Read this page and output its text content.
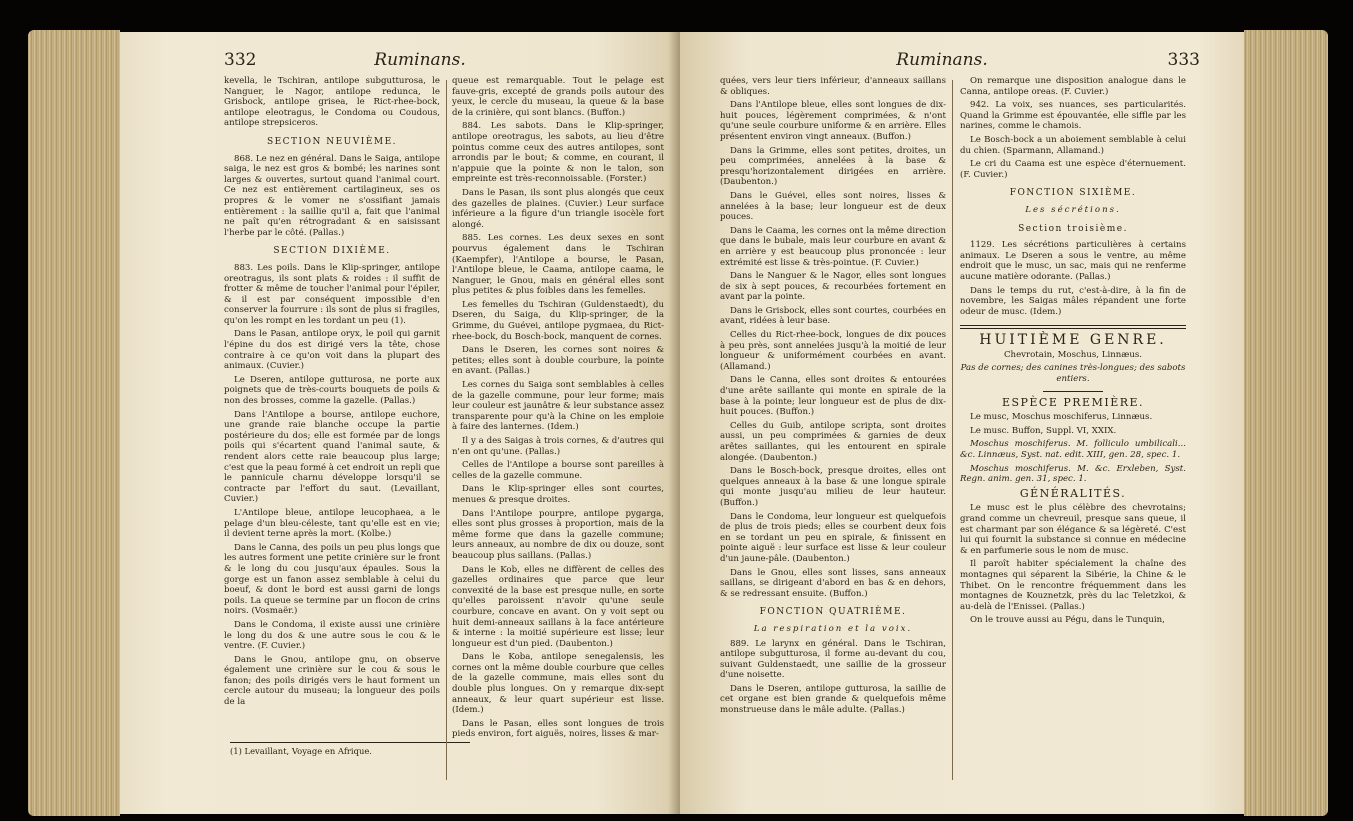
332	Ruminans.

kevella, le Tschiran, antilope subgutturosa, le Nanguer, le Nagor, antilope redunca, le Grisbock, antilope grisea, le Rict-rhee-bock, antilope eleotragus, le Condoma ou Coudous, antilope strepsiceros.

SECTION NEUVIÈME.

868. Le nez en général. Dans le Saiga, antilope saiga, le nez est gros & bombé; les narines sont larges & ouvertes, surtout quand l'animal court. Ce nez est entièrement cartilagineux, ses os propres & le vomer ne s'ossifiant jamais entièrement : la saillie qu'il a, fait que l'animal ne paît qu'en rétrogradant & en saisissant l'herbe par le côté. (Pallas.)

SECTION DIXIÈME.

883. Les poils. Dans le Klip-springer, antilope oreotragus, ils sont plats & roides : il suffit de frotter & même de toucher l'animal pour l'épiler, & il est par conséquent impossible d'en conserver la fourrure : ils sont de plus si fragiles, qu'on les rompt en les tordant un peu (1).

Dans le Pasan, antilope oryx, le poil qui garnit l'épine du dos est dirigé vers la tête, chose contraire à ce qu'on voit dans la plupart des animaux. (Cuvier.)

Le Dseren, antilope gutturosa, ne porte aux poignets que de très-courts bouquets de poils & non des brosses, comme la gazelle. (Pallas.)

Dans l'Antilope a bourse, antilope euchore, une grande raie blanche occupe la partie postérieure du dos; elle est formée par de longs poils qui s'écartent quand l'animal saute, & rendent alors cette raie beaucoup plus large; c'est que la peau formé à cet endroit un repli que le pannicule charnu développe lorsqu'il se contracte par l'effort du saut. (Levaillant, Cuvier.)

L'Antilope bleue, antilope leucophaea, a le pelage d'un bleu-céleste, tant qu'elle est en vie; il devient terne après la mort. (Kolbe.)

Dans le Canna, des poils un peu plus longs que les autres forment une petite crinière sur le front & le long du cou jusqu'aux épaules. Sous la gorge est un fanon assez semblable à celui du boeuf, & dont le bord est aussi garni de longs poils. La queue se termine par un flocon de crins noirs. (Vosmaër.)

Dans le Condoma, il existe aussi une crinière le long du dos & une autre sous le cou & le ventre. (F. Cuvier.)

Dans le Gnou, antilope gnu, on observe également une crinière sur le cou & sous le fanon; des poils dirigés vers le haut forment un cercle autour du museau; la longueur des poils de la

(1) Levaillant, Voyage en Afrique.

queue est remarquable. Tout le pelage est fauve-gris, excepté de grands poils autour des yeux, le cercle du museau, la queue & la base de la crinière, qui sont blancs. (Buffon.)

884. Les sabots. Dans le Klip-springer, antilope oreotragus, les sabots, au lieu d'être pointus comme ceux des autres antilopes, sont arrondis par le bout; & comme, en courant, il n'appuie que la pointe & non le talon, son empreinte est très-reconnoissable. (Forster.)

Dans le Pasan, ils sont plus alongés que ceux des gazelles de plaines. (Cuvier.) Leur surface inférieure a la figure d'un triangle isocèle fort alongé.

885. Les cornes. Les deux sexes en sont pourvus également dans le Tschiran (Kaempfer), l'Antilope a bourse, le Pasan, l'Antilope bleue, le Caama, antilope caama, le Nanguer, le Gnou, mais en général elles sont plus petites & plus foibles dans les femelles.

Les femelles du Tschiran (Guldenstaedt), du Dseren, du Saiga, du Klip-springer, de la Grimme, du Guévei, antilope pygmaea, du Rict-rhee-bock, du Bosch-bock, manquent de cornes.

Dans le Dseren, les cornes sont noires & petites; elles sont à double courbure, la pointe en avant. (Pallas.)

Les cornes du Saiga sont semblables à celles de la gazelle commune, pour leur forme; mais leur couleur est jaunâtre & leur substance assez transparente pour qu'à la Chine on les emploie à faire des lanternes. (Idem.)

Il y a des Saigas à trois cornes, & d'autres qui n'en ont qu'une. (Pallas.)

Celles de l'Antilope a bourse sont pareilles à celles de la gazelle commune.

Dans le Klip-springer elles sont courtes, menues & presque droites.

Dans l'Antilope pourpre, antilope pygarga, elles sont plus grosses à proportion, mais de la même forme que dans la gazelle commune; leurs anneaux, au nombre de dix ou douze, sont beaucoup plus saillans. (Pallas.)

Dans le Kob, elles ne diffèrent de celles des gazelles ordinaires que parce que leur convexité de la base est presque nulle, en sorte qu'elles paroissent n'avoir qu'une seule courbure, concave en avant. On y voit sept ou huit demi-anneaux saillans à la face antérieure & interne : la moitié supérieure est lisse; leur longueur est d'un pied. (Daubenton.)

Dans le Koba, antilope senegalensis, les cornes ont la même double courbure que celles de la gazelle commune, mais elles sont du double plus longues. On y remarque dix-sept anneaux, & leur quart supérieur est lisse. (Idem.)

Dans le Pasan, elles sont longues de trois pieds environ, fort aiguës, noires, lisses & mar-

Ruminans.	333

quées, vers leur tiers inférieur, d'anneaux saillans & obliques.

Dans l'Antilope bleue, elles sont longues de dix-huit pouces, légèrement comprimées, & n'ont qu'une seule courbure uniforme & en arrière. Elles présentent environ vingt anneaux. (Buffon.)

Dans la Grimme, elles sont petites, droites, un peu comprimées, annelées à la base & presqu'horizontalement dirigées en arrière. (Daubenton.)

Dans le Guévei, elles sont noires, lisses & annelées à la base; leur longueur est de deux pouces.

Dans le Caama, les cornes ont la même direction que dans le bubale, mais leur courbure en avant & en arrière y est beaucoup plus prononcée : leur extrémité est lisse & très-pointue. (F. Cuvier.)

Dans le Nanguer & le Nagor, elles sont longues de six à sept pouces, & recourbées fortement en avant par la pointe.

Dans le Grisbock, elles sont courtes, courbées en avant, ridées à leur base.

Celles du Rict-rhee-bock, longues de dix pouces à peu près, sont annelées jusqu'à la moitié de leur longueur & uniformément courbées en avant. (Allamand.)

Dans le Canna, elles sont droites & entourées d'une arête saillante qui monte en spirale de la base à la pointe; leur longueur est de plus de dix-huit pouces. (Buffon.)

Celles du Guib, antilope scripta, sont droites aussi, un peu comprimées & garnies de deux arêtes saillantes, qui les entourent en spirale alongée. (Daubenton.)

Dans le Bosch-bock, presque droites, elles ont quelques anneaux à la base & une longue spirale qui monte jusqu'au milieu de leur hauteur. (Buffon.)

Dans le Condoma, leur longueur est quelquefois de plus de trois pieds; elles se courbent deux fois en se tordant un peu en spirale, & finissent en pointe aiguë : leur surface est lisse & leur couleur d'un jaune-pâle. (Daubenton.)

Dans le Gnou, elles sont lisses, sans anneaux saillans, se dirigeant d'abord en bas & en dehors, & se redressant ensuite. (Buffon.)

FONCTION QUATRIÈME.

La respiration et la voix.

889. Le larynx en général. Dans le Tschiran, antilope subgutturosa, il forme au-devant du cou, suivant Guldenstaedt, une saillie de la grosseur d'une noisette.

Dans le Dseren, antilope gutturosa, la saillie de cet organe est bien grande & quelquefois même monstrueuse dans le mâle adulte. (Pallas.)

On remarque une disposition analogue dans le Canna, antilope oreas. (F. Cuvier.)

942. La voix, ses nuances, ses particularités. Quand la Grimme est épouvantée, elle siffle par les narines, comme le chamois.

Le Bosch-bock a un aboiement semblable à celui du chien. (Sparmann, Allamand.)

Le cri du Caama est une espèce d'éternuement. (F. Cuvier.)

FONCTION SIXIÈME.

Les sécrétions.

Section troisième.

1129. Les sécrétions particulières à certains animaux. Le Dseren a sous le ventre, au même endroit que le musc, un sac, mais qui ne renferme aucune matière odorante. (Pallas.)

Dans le temps du rut, c'est-à-dire, à la fin de novembre, les Saigas mâles répandent une forte odeur de musc. (Idem.)

HUITIÈME GENRE.

Chevrotain, Moschus, Linnæus.

Pas de cornes; des canines très-longues; des sabots entiers.

ESPÈCE PREMIÈRE.

Le musc, Moschus moschiferus, Linnæus.

Le musc. Buffon, Suppl. VI, XXIX.

Moschus moschiferus. M. folliculo umbilicali... &c. Linnæus, Syst. nat. edit. XIII, gen. 28, spec. 1.

Moschus moschiferus. M. &c. Erxleben, Syst. Regn. anim. gen. 31, spec. 1.

GÉNÉRALITÉS.

Le musc est le plus célèbre des chevrotains; grand comme un chevreuil, presque sans queue, il est charmant par son élégance & sa légèreté. C'est lui qui fournit la substance si connue en médecine & en parfumerie sous le nom de musc.

Il paroît habiter spécialement la chaîne des montagnes qui séparent la Sibérie, la Chine & le Thibet. On le rencontre fréquemment dans les montagnes de Kouznetzk, près du lac Teletzkoi, & au-delà de l'Enissei. (Pallas.)

On le trouve aussi au Pégu, dans le Tunquin,
